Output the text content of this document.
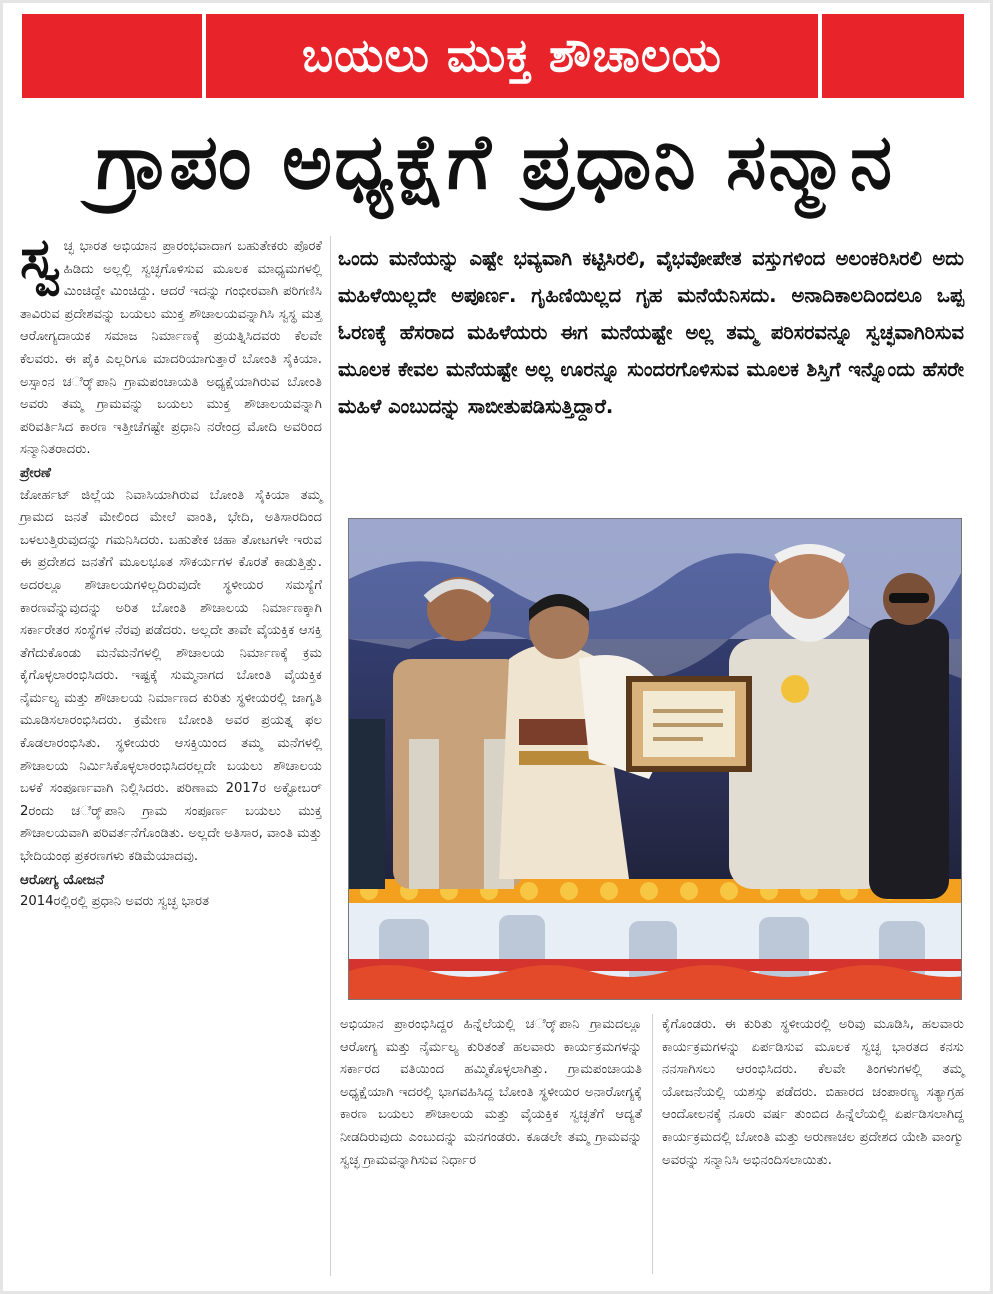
ಬಯಲು ಮುಕ್ತ ಶೌಚಾಲಯ
ಗ್ರಾಪಂ ಅಧ್ಯಕ್ಷೆಗೆ ಪ್ರಧಾನಿ ಸನ್ಮಾನ
ಸ್ವ ಚ್ಛ ಭಾರತ ಅಭಿಯಾನ ಪ್ರಾರಂಭವಾದಾಗ ಬಹುತೇಕರು ಪೊರಕೆ ಹಿಡಿದು ಅಲ್ಲಲ್ಲಿ ಸ್ವಚ್ಛಗೊಳಿಸುವ ಮೂಲಕ ಮಾಧ್ಯಮಗಳಲ್ಲಿ ಮಿಂಚಿದ್ದೇ ಮಿಂಚಿದ್ದು. ಆದರೆ ಇದನ್ನು ಗಂಭೀರವಾಗಿ ಪರಿಗಣಿಸಿ ತಾವಿರುವ ಪ್ರದೇಶವನ್ನು ಬಯಲು ಮುಕ್ತ ಶೌಚಾಲಯವನ್ನಾಗಿಸಿ ಸ್ವಸ್ಥ ಮತ್ತ ಆರೋಗ್ಯದಾಯಕ ಸಮಾಜ ನಿರ್ಮಾಣಕ್ಕೆ ಪ್ರಯತ್ನಿಸಿದವರು ಕೆಲವೇ ಕೆಲವರು. ಈ ಪೈಕಿ ಎಲ್ಲರಿಗೂ ಮಾದರಿಯಾಗುತ್ತಾರೆ ಬೋಂತಿ ಸೈಕಿಯಾ. ಅಸ್ಸಾಂನ ಚರ್ೈಪಾನಿ ಗ್ರಾಮಪಂಚಾಯತಿ ಅಧ್ಯಕ್ಷೆಯಾಗಿರುವ ಬೋಂತಿ ಅವರು ತಮ್ಮ ಗ್ರಾಮವನ್ನು ಬಯಲು ಮುಕ್ತ ಶೌಚಾಲಯವನ್ನಾಗಿ ಪರಿವರ್ತಿಸಿದ ಕಾರಣ ಇತ್ತೀಚೆಗಷ್ಟೇ ಪ್ರಧಾನಿ ನರೇಂದ್ರ ಮೋದಿ ಅವರಿಂದ ಸನ್ಮಾನಿತರಾದರು.

ಪ್ರೇರಣೆ

ಜೋರ್ಹಟ್ ಜಿಲ್ಲೆಯ ನಿವಾಸಿಯಾಗಿರುವ ಬೋಂತಿ ಸೈಕಿಯಾ ತಮ್ಮ ಗ್ರಾಮದ ಜನತೆ ಮೇಲಿಂದ ಮೇಲೆ ವಾಂತಿ, ಭೇದಿ, ಅತಿಸಾರದಿಂದ ಬಳಲುತ್ತಿರುವುದನ್ನು ಗಮನಿಸಿದರು. ಬಹುತೇಕ ಚಹಾ ತೋಟಗಳೇ ಇರುವ ಈ ಪ್ರದೇಶದ ಜನತೆಗೆ ಮೂಲಭೂತ ಸೌಕರ್ಯಗಳ ಕೊರತೆ ಕಾಡುತ್ತಿತ್ತು. ಅದರಲ್ಲೂ ಶೌಚಾಲಯಗಳಿಲ್ಲದಿರುವುದೇ ಸ್ಥಳೀಯರ ಸಮಸ್ಯೆಗೆ ಕಾರಣವೆನ್ನುವುದನ್ನು ಅರಿತ ಬೋಂತಿ ಶೌಚಾಲಯ ನಿರ್ಮಾಣಕ್ಕಾಗಿ ಸರ್ಕಾರೇತರ ಸಂಸ್ಥೆಗಳ ನೆರವು ಪಡೆದರು. ಅಲ್ಲದೇ ತಾವೇ ವೈಯಕ್ತಿಕ ಆಸಕ್ತಿ ತೆಗೆದುಕೊಂಡು ಮನೆಮನೆಗಳಲ್ಲಿ ಶೌಚಾಲಯ ನಿರ್ಮಾಣಕ್ಕೆ ಕ್ರಮ ಕೈಗೊಳ್ಳಲಾರಂಭಿಸಿದರು. ಇಷ್ಟಕ್ಕೆ ಸುಮ್ಮನಾಗದ ಬೋಂತಿ ವೈಯಕ್ತಿಕ ನೈರ್ಮಲ್ಯ ಮತ್ತು ಶೌಚಾಲಯ ನಿರ್ಮಾಣದ ಕುರಿತು ಸ್ಥಳೀಯರಲ್ಲಿ ಜಾಗೃತಿ ಮೂಡಿಸಲಾರಂಭಿಸಿದರು. ಕ್ರಮೇಣ ಬೋಂತಿ ಅವರ ಪ್ರಯತ್ನ ಫಲ ಕೊಡಲಾರಂಭಿಸಿತು. ಸ್ಥಳೀಯರು ಆಸಕ್ತಿಯಿಂದ ತಮ್ಮ ಮನೆಗಳಲ್ಲಿ ಶೌಚಾಲಯ ನಿರ್ಮಿಸಿಕೊಳ್ಳಲಾರಂಭಿಸಿದರಲ್ಲದೇ ಬಯಲು ಶೌಚಾಲಯ ಬಳಕೆ ಸಂಪೂರ್ಣವಾಗಿ ನಿಲ್ಲಿಸಿದರು. ಪರಿಣಾಮ 2017ರ ಅಕ್ಟೋಬರ್ 2ರಂದು ಚರ್ೈಪಾನಿ ಗ್ರಾಮ ಸಂಪೂರ್ಣ ಬಯಲು ಮುಕ್ತ ಶೌಚಾಲಯವಾಗಿ ಪರಿವರ್ತನೆಗೊಂಡಿತು. ಅಲ್ಲದೇ ಅತಿಸಾರ, ವಾಂತಿ ಮತ್ತು ಭೇದಿಯಂಥ ಪ್ರಕರಣಗಳು ಕಡಿಮೆಯಾದವು.

ಆರೋಗ್ಯ ಯೋಜನೆ

2014ರಲ್ಲಿರಲ್ಲಿ ಪ್ರಧಾನಿ ಅವರು ಸ್ವಚ್ಛ ಭಾರತ

ಒಂದು ಮನೆಯನ್ನು ಎಷ್ಟೇ ಭವ್ಯವಾಗಿ ಕಟ್ಟಿಸಿರಲಿ, ವೈಭವೋಪೇತ ವಸ್ತುಗಳಿಂದ ಅಲಂಕರಿಸಿರಲಿ ಅದು ಮಹಿಳೆಯಿಲ್ಲದೇ ಅಪೂರ್ಣ. ಗೃಹಿಣಿಯಿಲ್ಲದ ಗೃಹ ಮನೆಯೆನಿಸದು. ಅನಾದಿಕಾಲದಿಂದಲೂ ಒಪ್ಪ ಓರಣಕ್ಕೆ ಹೆಸರಾದ ಮಹಿಳೆಯರು ಈಗ ಮನೆಯಷ್ಟೇ ಅಲ್ಲ ತಮ್ಮ ಪರಿಸರವನ್ನೂ ಸ್ವಚ್ಛವಾಗಿರಿಸುವ ಮೂಲಕ ಕೇವಲ ಮನೆಯಷ್ಟೇ ಅಲ್ಲ ಊರನ್ನೂ ಸುಂದರಗೊಳಿಸುವ ಮೂಲಕ ಶಿಸ್ತಿಗೆ ಇನ್ನೊಂದು ಹೆಸರೇ ಮಹಿಳೆ ಎಂಬುದನ್ನು ಸಾಬೀತುಪಡಿಸುತ್ತಿದ್ದಾರೆ.
ಅಭಿಯಾನ ಪ್ರಾರಂಭಿಸಿದ್ದರ ಹಿನ್ನೆಲೆಯಲ್ಲಿ ಚರ್ೈಪಾನಿ ಗ್ರಾಮದಲ್ಲೂ ಆರೋಗ್ಯ ಮತ್ತು ನೈರ್ಮಲ್ಯ ಕುರಿತಂತೆ ಹಲವಾರು ಕಾರ್ಯಕ್ರಮಗಳನ್ನು ಸರ್ಕಾರದ ವತಿಯಿಂದ ಹಮ್ಮಿಕೊಳ್ಳಲಾಗಿತ್ತು. ಗ್ರಾಮಪಂಚಾಯತಿ ಅಧ್ಯಕ್ಷೆಯಾಗಿ ಇದರಲ್ಲಿ ಭಾಗವಹಿಸಿದ್ದ ಬೋಂತಿ ಸ್ಥಳೀಯರ ಅನಾರೋಗ್ಯಕ್ಕೆ ಕಾರಣ ಬಯಲು ಶೌಚಾಲಯ ಮತ್ತು ವೈಯಕ್ತಿಕ ಸ್ವಚ್ಛತೆಗೆ ಆದ್ಯತೆ ನೀಡದಿರುವುದು ಎಂಬುದನ್ನು ಮನಗಂಡರು. ಕೂಡಲೇ ತಮ್ಮ ಗ್ರಾಮವನ್ನು ಸ್ವಚ್ಛ ಗ್ರಾಮವನ್ನಾಗಿಸುವ ನಿರ್ಧಾರ
ಕೈಗೊಂಡರು. ಈ ಕುರಿತು ಸ್ಥಳೀಯರಲ್ಲಿ ಅರಿವು ಮೂಡಿಸಿ, ಹಲವಾರು ಕಾರ್ಯಕ್ರಮಗಳನ್ನು ಏರ್ಪಡಿಸುವ ಮೂಲಕ ಸ್ವಚ್ಛ ಭಾರತದ ಕನಸು ನನಸಾಗಿಸಲು ಆರಂಭಿಸಿದರು. ಕೆಲವೇ ತಿಂಗಳುಗಳಲ್ಲಿ ತಮ್ಮ ಯೋಜನೆಯಲ್ಲಿ ಯಶಸ್ಸು ಪಡೆದರು. ಬಿಹಾರದ ಚಂಪಾರಣ್ಯ ಸತ್ಯಾಗ್ರಹ ಆಂದೋಲನಕ್ಕೆ ನೂರು ವರ್ಷ ತುಂಬಿದ ಹಿನ್ನೆಲೆಯಲ್ಲಿ ಏರ್ಪಡಿಸಲಾಗಿದ್ದ ಕಾರ್ಯಕ್ರಮದಲ್ಲಿ ಬೋಂತಿ ಮತ್ತು ಅರುಣಾಚಲ ಪ್ರದೇಶದ ಯೇಶಿ ವಾಂಗ್ಮು ಅವರನ್ನು ಸನ್ಮಾನಿಸಿ ಅಭಿನಂದಿಸಲಾಯಿತು.
